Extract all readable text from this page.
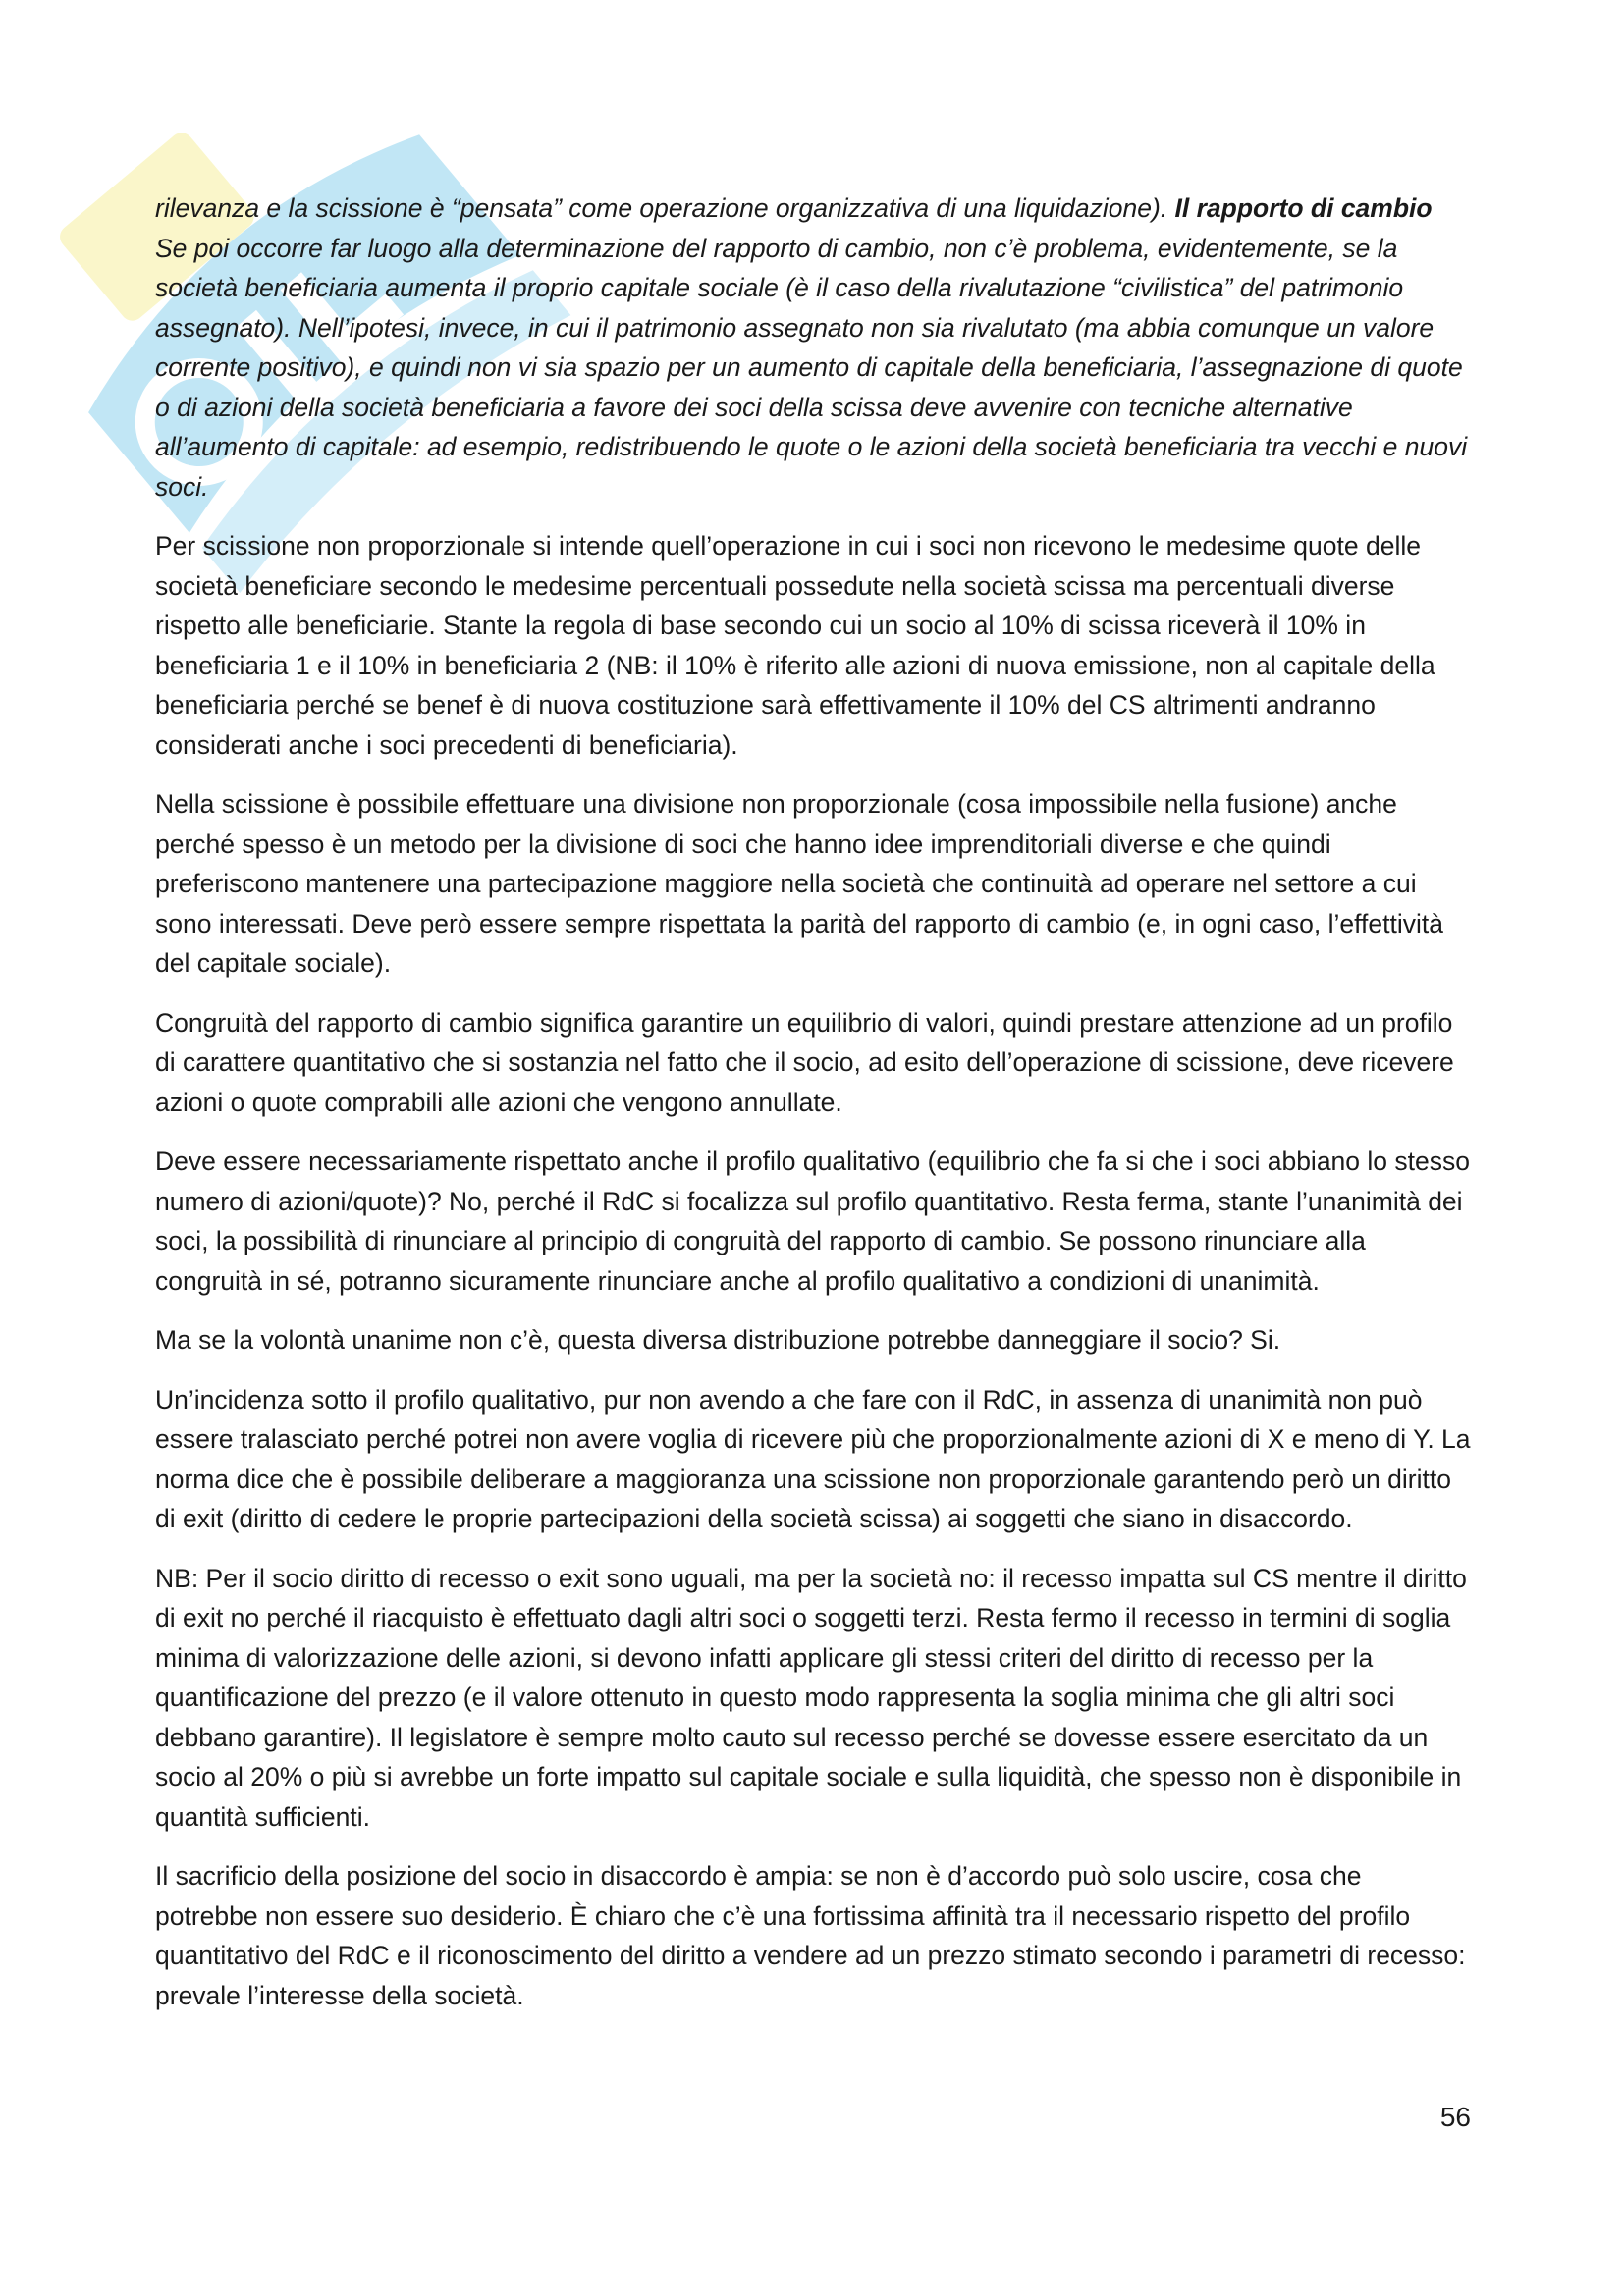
rilevanza e la scissione è “pensata” come operazione organizzativa di una liquidazione). Il rapporto di cambio Se poi occorre far luogo alla determinazione del rapporto di cambio, non c’è problema, evidentemente, se la società beneficiaria aumenta il proprio capitale sociale (è il caso della rivalutazione “civilistica” del patrimonio assegnato). Nell’ipotesi, invece, in cui il patrimonio assegnato non sia rivalutato (ma abbia comunque un valore corrente positivo), e quindi non vi sia spazio per un aumento di capitale della beneficiaria, l’assegnazione di quote o di azioni della società beneficiaria a favore dei soci della scissa deve avvenire con tecniche alternative all’aumento di capitale: ad esempio, redistribuendo le quote o le azioni della società beneficiaria tra vecchi e nuovi soci.

Per scissione non proporzionale si intende quell’operazione in cui i soci non ricevono le medesime quote delle società beneficiare secondo le medesime percentuali possedute nella società scissa ma percentuali diverse rispetto alle beneficiarie. Stante la regola di base secondo cui un socio al 10% di scissa riceverà il 10% in beneficiaria 1 e il 10% in beneficiaria 2 (NB: il 10% è riferito alle azioni di nuova emissione, non al capitale della beneficiaria perché se benef è di nuova costituzione sarà effettivamente il 10% del CS altrimenti andranno considerati anche i soci precedenti di beneficiaria).

Nella scissione è possibile effettuare una divisione non proporzionale (cosa impossibile nella fusione) anche perché spesso è un metodo per la divisione di soci che hanno idee imprenditoriali diverse e che quindi preferiscono mantenere una partecipazione maggiore nella società che continuità ad operare nel settore a cui sono interessati. Deve però essere sempre rispettata la parità del rapporto di cambio (e, in ogni caso, l’effettività del capitale sociale).

Congruità del rapporto di cambio significa garantire un equilibrio di valori, quindi prestare attenzione ad un profilo di carattere quantitativo che si sostanzia nel fatto che il socio, ad esito dell’operazione di scissione, deve ricevere azioni o quote comprabili alle azioni che vengono annullate.

Deve essere necessariamente rispettato anche il profilo qualitativo (equilibrio che fa si che i soci abbiano lo stesso numero di azioni/quote)? No, perché il RdC si focalizza sul profilo quantitativo. Resta ferma, stante l’unanimità dei soci, la possibilità di rinunciare al principio di congruità del rapporto di cambio. Se possono rinunciare alla congruità in sé, potranno sicuramente rinunciare anche al profilo qualitativo a condizioni di unanimità.

Ma se la volontà unanime non c’è, questa diversa distribuzione potrebbe danneggiare il socio? Si.

Un’incidenza sotto il profilo qualitativo, pur non avendo a che fare con il RdC, in assenza di unanimità non può essere tralasciato perché potrei non avere voglia di ricevere più che proporzionalmente azioni di X e meno di Y. La norma dice che è possibile deliberare a maggioranza una scissione non proporzionale garantendo però un diritto di exit (diritto di cedere le proprie partecipazioni della società scissa) ai soggetti che siano in disaccordo.

NB: Per il socio diritto di recesso o exit sono uguali, ma per la società no: il recesso impatta sul CS mentre il diritto di exit no perché il riacquisto è effettuato dagli altri soci o soggetti terzi. Resta fermo il recesso in termini di soglia minima di valorizzazione delle azioni, si devono infatti applicare gli stessi criteri del diritto di recesso per la quantificazione del prezzo (e il valore ottenuto in questo modo rappresenta la soglia minima che gli altri soci debbano garantire). Il legislatore è sempre molto cauto sul recesso perché se dovesse essere esercitato da un socio al 20% o più si avrebbe un forte impatto sul capitale sociale e sulla liquidità, che spesso non è disponibile in quantità sufficienti.

Il sacrificio della posizione del socio in disaccordo è ampia: se non è d’accordo può solo uscire, cosa che potrebbe non essere suo desiderio. È chiaro che c’è una fortissima affinità tra il necessario rispetto del profilo quantitativo del RdC e il riconoscimento del diritto a vendere ad un prezzo stimato secondo i parametri di recesso: prevale l’interesse della società.

56
